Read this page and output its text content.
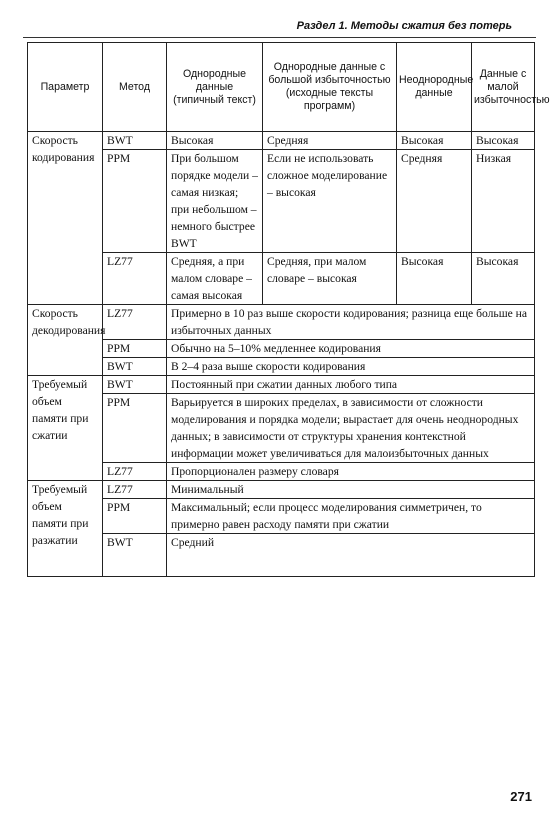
Раздел 1. Методы сжатия без потерь
Параметр	Метод	Однородные данные (типичный текст)	Однородные данные с большой избыточностью (исходные тексты программ)	Неоднородные данные	Данные с малой избыточностью
Скорость кодирования	BWT	Высокая	Средняя	Высокая	Высокая
	PPM	При большом порядке модели – самая низкая; при небольшом – немного быстрее BWT	Если не использовать сложное моделирование – высокая	Средняя	Низкая
	LZ77	Средняя, а при малом словаре – самая высокая	Средняя, при малом словаре – высокая	Высокая	Высокая
Скорость декодирования	LZ77	Примерно в 10 раз выше скорости кодирования; разница еще больше на избыточных данных			
	PPM	Обычно на 5–10% медленнее кодирования			
	BWT	В 2–4 раза выше скорости кодирования			
Требуемый объем памяти при сжатии	BWT	Постоянный при сжатии данных любого типа			
	PPM	Варьируется в широких пределах, в зависимости от сложности моделирования и порядка модели; вырастает для очень неоднородных данных; в зависимости от структуры хранения контекстной информации может увеличиваться для малоизбыточных данных			
	LZ77	Пропорционален размеру словаря			
Требуемый объем памяти при разжатии	LZ77	Минимальный			
	PPM	Максимальный; если процесс моделирования симметричен, то примерно равен расходу памяти при сжатии			
	BWT	Средний			
271
